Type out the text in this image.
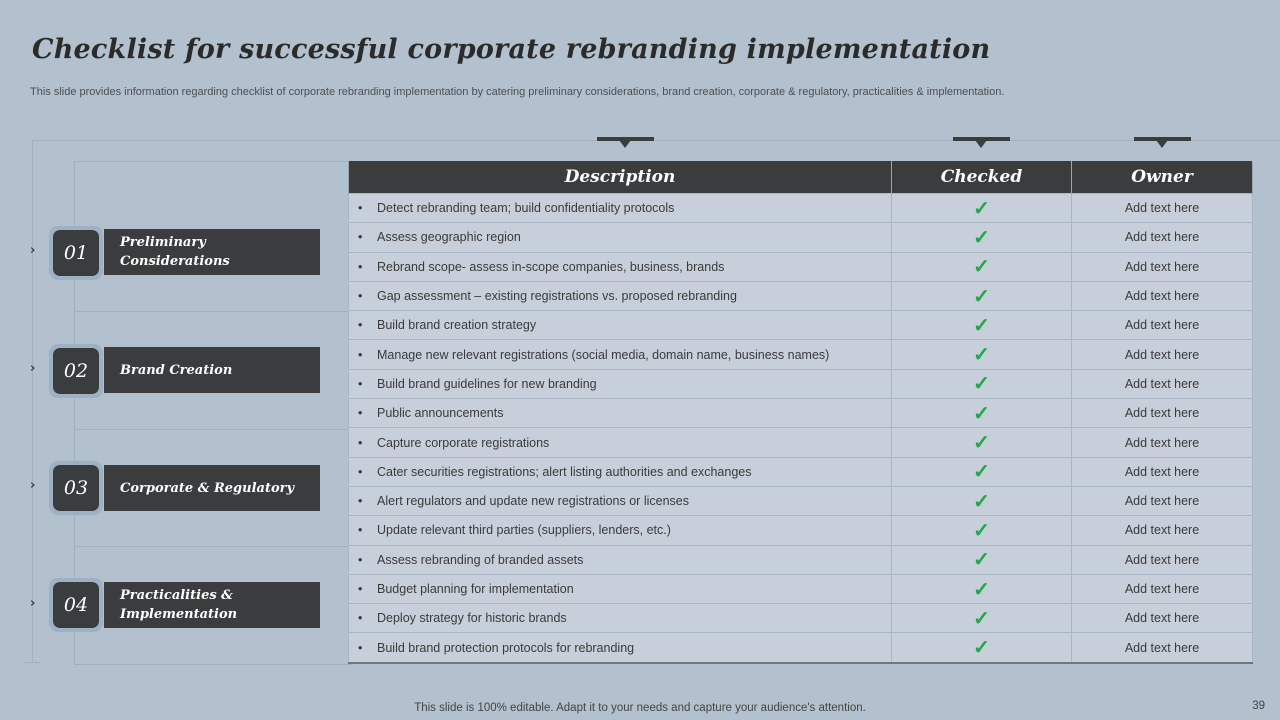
Checklist for successful corporate rebranding implementation
This slide provides information regarding checklist of corporate rebranding implementation by catering preliminary considerations, brand creation, corporate & regulatory, practicalities & implementation.
›	01	Preliminary Considerations
›	02	Brand Creation
›	03	Corporate & Regulatory
›	04	Practicalities & Implementation
Description	Checked	Owner
• Detect rebranding team; build confidentiality protocols	✓	Add text here
• Assess geographic region	✓	Add text here
• Rebrand scope- assess in-scope companies, business, brands	✓	Add text here
• Gap assessment – existing registrations vs. proposed rebranding	✓	Add text here
• Build brand creation strategy	✓	Add text here
• Manage new relevant registrations (social media, domain name, business names)	✓	Add text here
• Build brand guidelines for new branding	✓	Add text here
• Public announcements	✓	Add text here
• Capture corporate registrations	✓	Add text here
• Cater securities registrations; alert listing authorities and exchanges	✓	Add text here
• Alert regulators and update new registrations or licenses	✓	Add text here
• Update relevant third parties (suppliers, lenders, etc.)	✓	Add text here
• Assess rebranding of branded assets	✓	Add text here
• Budget planning for implementation	✓	Add text here
• Deploy strategy for historic brands	✓	Add text here
• Build brand protection protocols for rebranding	✓	Add text here
This slide is 100% editable. Adapt it to your needs and capture your audience's attention.	39
